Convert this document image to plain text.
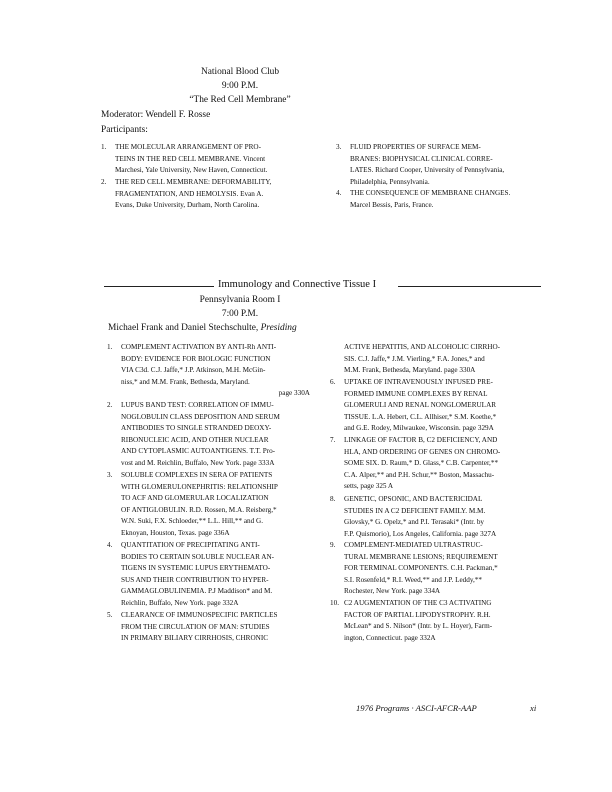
National Blood Club
9:00 P.M.
“The Red Cell Membrane”
Moderator: Wendell F. Rosse
Participants:
1. THE MOLECULAR ARRANGEMENT OF PRO-
TEINS IN THE RED CELL MEMBRANE. Vincent
Marchesi, Yale University, New Haven, Connecticut.
2. THE RED CELL MEMBRANE: DEFORMABILITY,
FRAGMENTATION, AND HEMOLYSIS. Evan A.
Evans, Duke University, Durham, North Carolina.
3. FLUID PROPERTIES OF SURFACE MEM-
BRANES: BIOPHYSICAL CLINICAL CORRE-
LATES. Richard Cooper, University of Pennsylvania,
Philadelphia, Pennsylvania.
4. THE CONSEQUENCE OF MEMBRANE CHANGES.
Marcel Bessis, Paris, France.
Immunology and Connective Tissue I
Pennsylvania Room I
7:00 P.M.
Michael Frank and Daniel Stechschulte, Presiding
1. COMPLEMENT ACTIVATION BY ANTI-Rh ANTI-
BODY: EVIDENCE FOR BIOLOGIC FUNCTION
VIA C3d. C.J. Jaffe,* J.P. Atkinson, M.H. McGin-
niss,* and M.M. Frank, Bethesda, Maryland.
page 330A
2. LUPUS BAND TEST: CORRELATION OF IMMU-
NOGLOBULIN CLASS DEPOSITION AND SERUM
ANTIBODIES TO SINGLE STRANDED DEOXY-
RIBONUCLEIC ACID, AND OTHER NUCLEAR
AND CYTOPLASMIC AUTOANTIGENS. T.T. Pro-
vost and M. Reichlin, Buffalo, New York. page 333A
3. SOLUBLE COMPLEXES IN SERA OF PATIENTS
WITH GLOMERULONEPHRITIS: RELATIONSHIP
TO ACF AND GLOMERULAR LOCALIZATION
OF ANTIGLOBULIN. R.D. Rossen, M.A. Reisberg,*
W.N. Suki, F.X. Schloeder,** L.L. Hill,** and G.
Eknoyan, Houston, Texas. page 336A
4. QUANTITATION OF PRECIPITATING ANTI-
BODIES TO CERTAIN SOLUBLE NUCLEAR AN-
TIGENS IN SYSTEMIC LUPUS ERYTHEMATO-
SUS AND THEIR CONTRIBUTION TO HYPER-
GAMMAGLOBULINEMIA. P.J Maddison* and M.
Reichlin, Buffalo, New York. page 332A
5. CLEARANCE OF IMMUNOSPECIFIC PARTICLES
FROM THE CIRCULATION OF MAN: STUDIES
IN PRIMARY BILIARY CIRRHOSIS, CHRONIC
ACTIVE HEPATITIS, AND ALCOHOLIC CIRRHO-
SIS. C.J. Jaffe,* J.M. Vierling,* F.A. Jones,* and
M.M. Frank, Bethesda, Maryland. page 330A
6. UPTAKE OF INTRAVENOUSLY INFUSED PRE-
FORMED IMMUNE COMPLEXES BY RENAL
GLOMERULI AND RENAL NONGLOMERULAR
TISSUE. L.A. Hebert, C.L. Allhiser,* S.M. Koethe,*
and G.E. Rodey, Milwaukee, Wisconsin. page 329A
7. LINKAGE OF FACTOR B, C2 DEFICIENCY, AND
HLA, AND ORDERING OF GENES ON CHROMO-
SOME SIX. D. Raum,* D. Glass,* C.B. Carpenter,**
C.A. Alper,** and P.H. Schur,** Boston, Massachu-
setts, page 325 A
8. GENETIC, OPSONIC, AND BACTERICIDAL
STUDIES IN A C2 DEFICIENT FAMILY. M.M.
Glovsky,* G. Opelz,* and P.I. Terasaki* (Intr. by
F.P. Quismorio), Los Angeles, California. page 327A
9. COMPLEMENT-MEDIATED ULTRASTRUC-
TURAL MEMBRANE LESIONS; REQUIREMENT
FOR TERMINAL COMPONENTS. C.H. Packman,*
S.I. Rosenfeld,* R.I. Weed,** and J.P. Leddy,**
Rochester, New York. page 334A
10. C2 AUGMENTATION OF THE C3 ACTIVATING
FACTOR OF PARTIAL LIPODYSTROPHY. R.H.
McLean* and S. Nilson* (Intr. by L. Hoyer), Farm-
ington, Connecticut. page 332A
1976 Programs · ASCI-AFCR-AAP	xi
